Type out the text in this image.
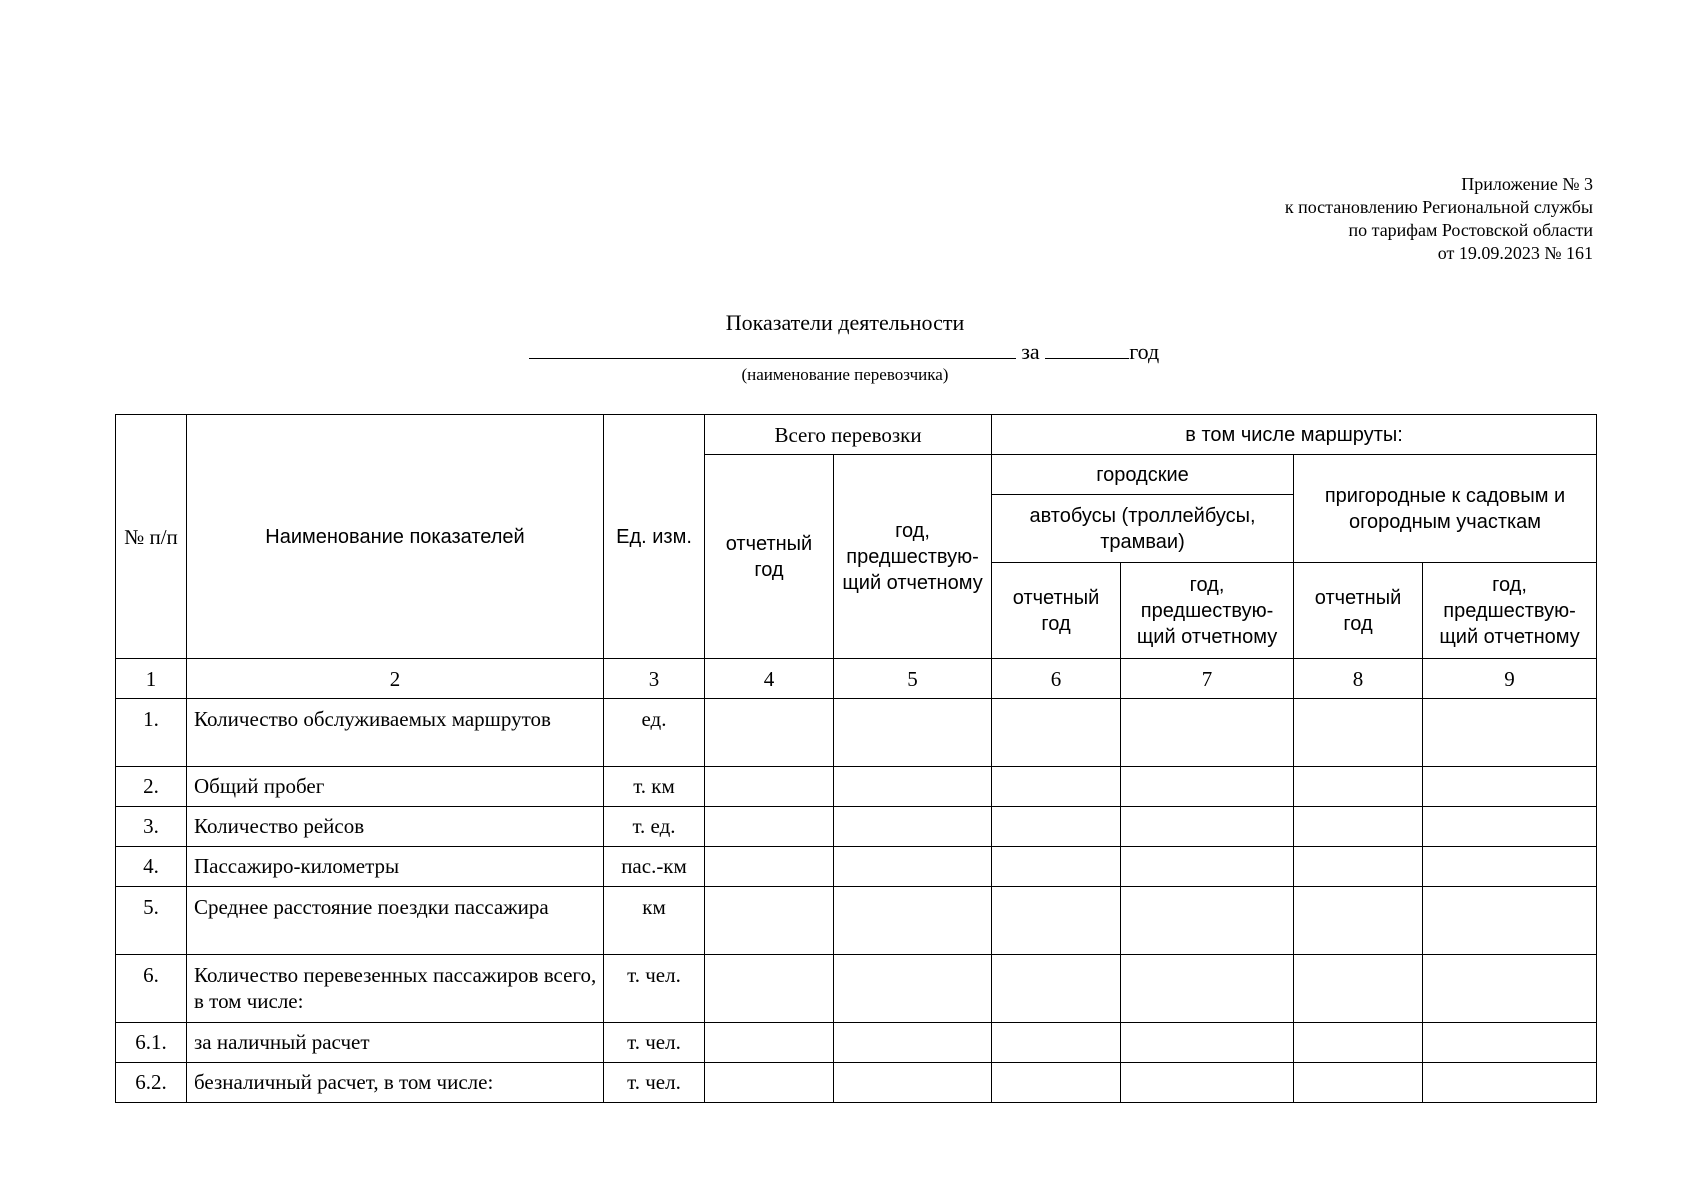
Приложение № 3
к постановлению Региональной службы
по тарифам Ростовской области
от 19.09.2023 № 161
Показатели деятельности
за	год
(наименование перевозчика)
№ п/п	Наименование показателей	Ед. изм.	Всего перевозки		в том числе маршруты:			
			отчетный год	год, предшествую-щий отчетному	городские		пригородные к садовым и огородным участкам	
					автобусы (троллейбусы, трамваи)			
					отчетный год	год, предшествую-щий отчетному	отчетный год	год, предшествую-щий отчетному
1	2	3	4	5	6	7	8	9
1.	Количество обслуживаемых маршрутов	ед.						
2.	Общий пробег	т. км						
3.	Количество рейсов	т. ед.						
4.	Пассажиро-километры	пас.-км						
5.	Среднее расстояние поездки пассажира	км						
6.	Количество перевезенных пассажиров всего, в том числе:	т. чел.						
6.1.	за наличный расчет	т. чел.						
6.2.	безналичный расчет, в том числе:	т. чел.						
